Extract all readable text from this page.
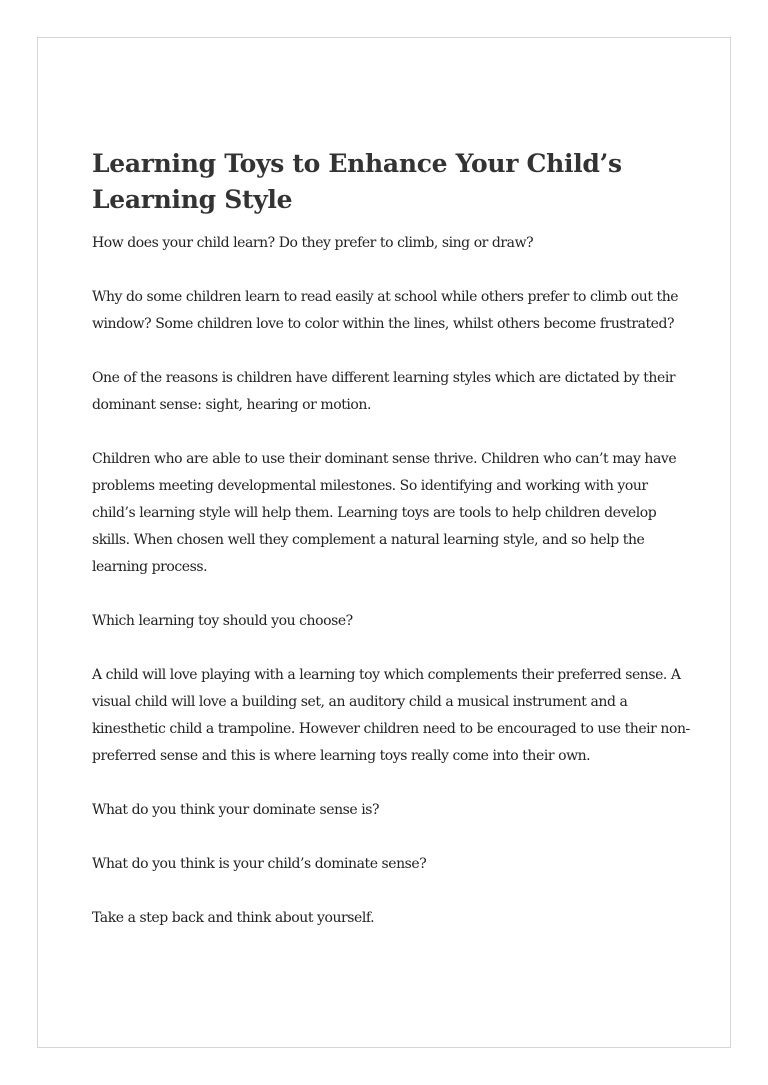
Learning Toys to Enhance Your Child’s Learning Style

How does your child learn? Do they prefer to climb, sing or draw?

Why do some children learn to read easily at school while others prefer to climb out the window? Some children love to color within the lines, whilst others become frustrated?

One of the reasons is children have different learning styles which are dictated by their dominant sense: sight, hearing or motion.

Children who are able to use their dominant sense thrive. Children who can’t may have problems meeting developmental milestones. So identifying and working with your child’s learning style will help them. Learning toys are tools to help children develop skills. When chosen well they complement a natural learning style, and so help the learning process.

Which learning toy should you choose?

A child will love playing with a learning toy which complements their preferred sense. A visual child will love a building set, an auditory child a musical instrument and a kinesthetic child a trampoline. However children need to be encouraged to use their non-preferred sense and this is where learning toys really come into their own.

What do you think your dominate sense is?

What do you think is your child’s dominate sense?

Take a step back and think about yourself.
